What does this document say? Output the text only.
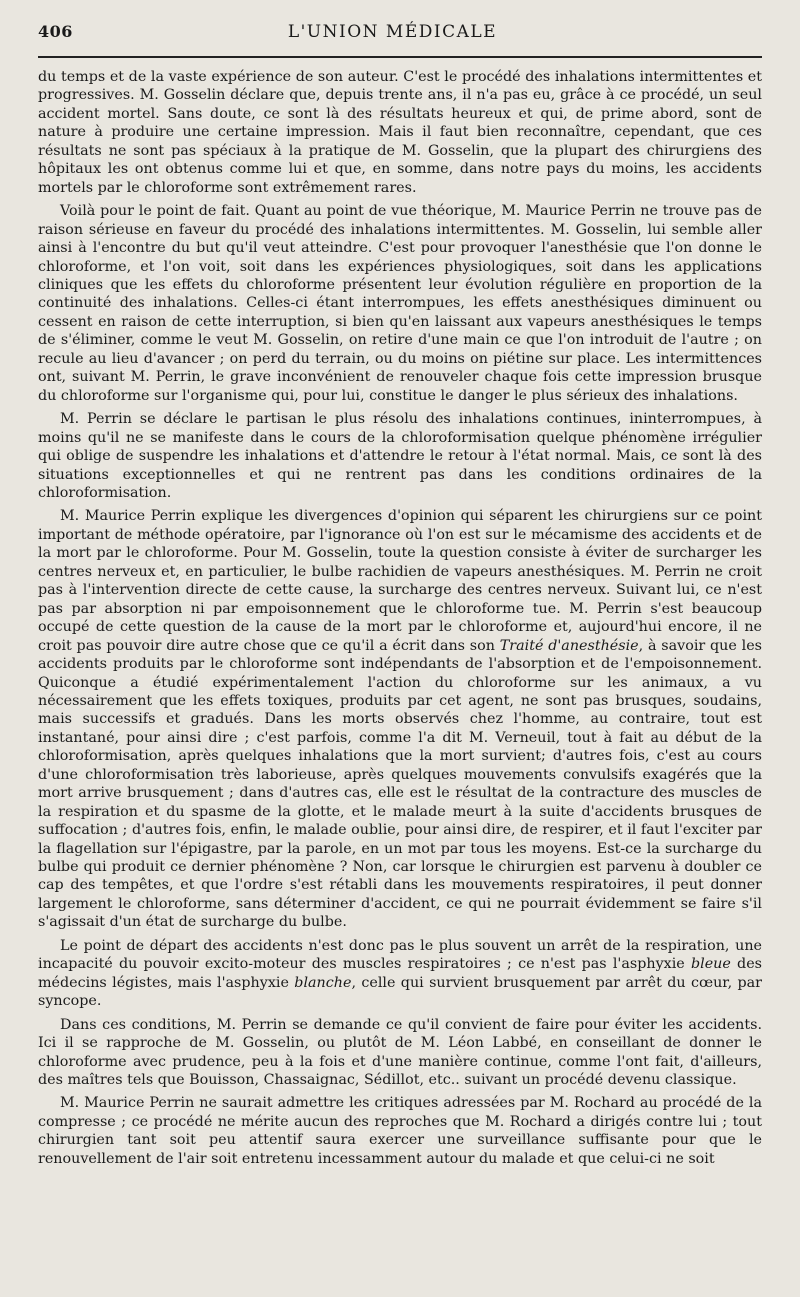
406	L'UNION MÉDICALE

du temps et de la vaste expérience de son auteur. C'est le procédé des inhalations intermittentes et progressives. M. Gosselin déclare que, depuis trente ans, il n'a pas eu, grâce à ce procédé, un seul accident mortel. Sans doute, ce sont là des résultats heureux et qui, de prime abord, sont de nature à produire une certaine impression. Mais il faut bien reconnaître, cependant, que ces résultats ne sont pas spéciaux à la pratique de M. Gosselin, que la plupart des chirurgiens des hôpitaux les ont obtenus comme lui et que, en somme, dans notre pays du moins, les accidents mortels par le chloroforme sont extrêmement rares.

Voilà pour le point de fait. Quant au point de vue théorique, M. Maurice Perrin ne trouve pas de raison sérieuse en faveur du procédé des inhalations intermittentes. M. Gosselin, lui semble aller ainsi à l'encontre du but qu'il veut atteindre. C'est pour provoquer l'anesthésie que l'on donne le chloroforme, et l'on voit, soit dans les expériences physiologiques, soit dans les applications cliniques que les effets du chloroforme présentent leur évolution régulière en proportion de la continuité des inhalations. Celles-ci étant interrompues, les effets anesthésiques diminuent ou cessent en raison de cette interruption, si bien qu'en laissant aux vapeurs anesthésiques le temps de s'éliminer, comme le veut M. Gosselin, on retire d'une main ce que l'on introduit de l'autre ; on recule au lieu d'avancer ; on perd du terrain, ou du moins on piétine sur place. Les intermittences ont, suivant M. Perrin, le grave inconvénient de renouveler chaque fois cette impression brusque du chloroforme sur l'organisme qui, pour lui, constitue le danger le plus sérieux des inhalations.

M. Perrin se déclare le partisan le plus résolu des inhalations continues, ininterrompues, à moins qu'il ne se manifeste dans le cours de la chloroformisation quelque phénomène irrégulier qui oblige de suspendre les inhalations et d'attendre le retour à l'état normal. Mais, ce sont là des situations exceptionnelles et qui ne rentrent pas dans les conditions ordinaires de la chloroformisation.

M. Maurice Perrin explique les divergences d'opinion qui séparent les chirurgiens sur ce point important de méthode opératoire, par l'ignorance où l'on est sur le mécamisme des accidents et de la mort par le chloroforme. Pour M. Gosselin, toute la question consiste à éviter de surcharger les centres nerveux et, en particulier, le bulbe rachidien de vapeurs anesthésiques. M. Perrin ne croit pas à l'intervention directe de cette cause, la surcharge des centres nerveux. Suivant lui, ce n'est pas par absorption ni par empoisonnement que le chloroforme tue. M. Perrin s'est beaucoup occupé de cette question de la cause de la mort par le chloroforme et, aujourd'hui encore, il ne croit pas pouvoir dire autre chose que ce qu'il a écrit dans son Traité d'anesthésie, à savoir que les accidents produits par le chloroforme sont indépendants de l'absorption et de l'empoisonnement. Quiconque a étudié expérimentalement l'action du chloroforme sur les animaux, a vu nécessairement que les effets toxiques, produits par cet agent, ne sont pas brusques, soudains, mais successifs et gradués. Dans les morts observés chez l'homme, au contraire, tout est instantané, pour ainsi dire ; c'est parfois, comme l'a dit M. Verneuil, tout à fait au début de la chloroformisation, après quelques inhalations que la mort survient; d'autres fois, c'est au cours d'une chloroformisation très laborieuse, après quelques mouvements convulsifs exagérés que la mort arrive brusquement ; dans d'autres cas, elle est le résultat de la contracture des muscles de la respiration et du spasme de la glotte, et le malade meurt à la suite d'accidents brusques de suffocation ; d'autres fois, enfin, le malade oublie, pour ainsi dire, de respirer, et il faut l'exciter par la flagellation sur l'épigastre, par la parole, en un mot par tous les moyens. Est-ce la surcharge du bulbe qui produit ce dernier phénomène ? Non, car lorsque le chirurgien est parvenu à doubler ce cap des tempêtes, et que l'ordre s'est rétabli dans les mouvements respiratoires, il peut donner largement le chloroforme, sans déterminer d'accident, ce qui ne pourrait évidemment se faire s'il s'agissait d'un état de surcharge du bulbe.

Le point de départ des accidents n'est donc pas le plus souvent un arrêt de la respiration, une incapacité du pouvoir excito-moteur des muscles respiratoires ; ce n'est pas l'asphyxie bleue des médecins légistes, mais l'asphyxie blanche, celle qui survient brusquement par arrêt du cœur, par syncope.

Dans ces conditions, M. Perrin se demande ce qu'il convient de faire pour éviter les accidents. Ici il se rapproche de M. Gosselin, ou plutôt de M. Léon Labbé, en conseillant de donner le chloroforme avec prudence, peu à la fois et d'une manière continue, comme l'ont fait, d'ailleurs, des maîtres tels que Bouisson, Chassaignac, Sédillot, etc.. suivant un procédé devenu classique.

M. Maurice Perrin ne saurait admettre les critiques adressées par M. Rochard au procédé de la compresse ; ce procédé ne mérite aucun des reproches que M. Rochard a dirigés contre lui ; tout chirurgien tant soit peu attentif saura exercer une surveillance suffisante pour que le renouvellement de l'air soit entretenu incessamment autour du malade et que celui-ci ne soit
